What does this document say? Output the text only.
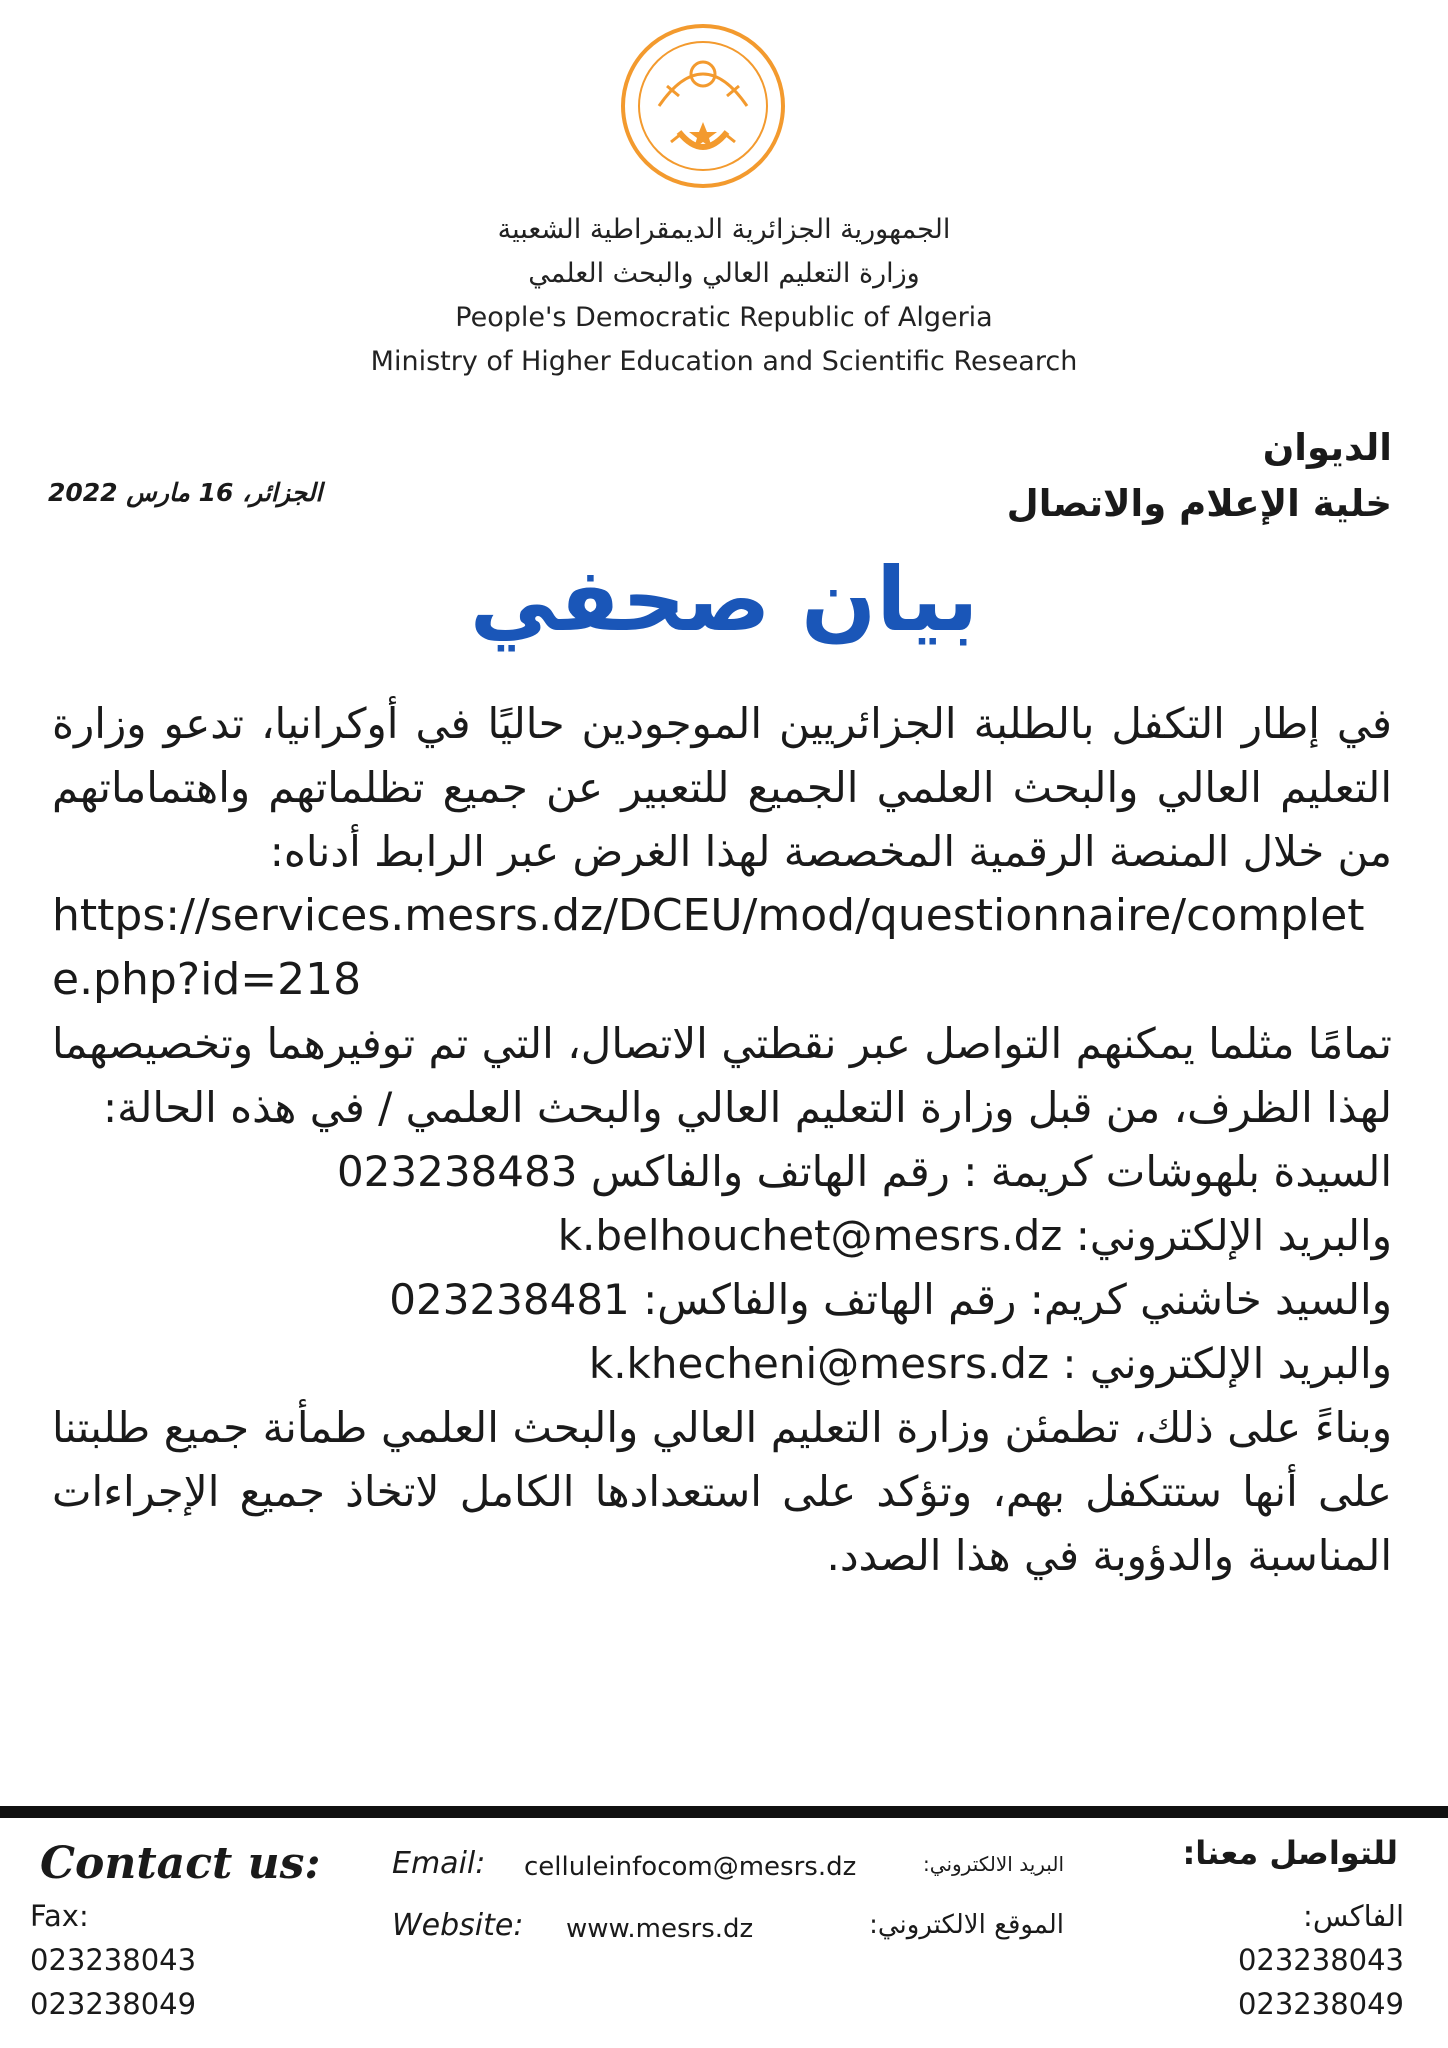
الجمهورية الجزائرية الديمقراطية الشعبية
وزارة التعليم العالي والبحث العلمي
People's Democratic Republic of Algeria
Ministry of Higher Education and Scientific Research
الديوان
خلية الإعلام والاتصال
الجزائر، 16 مارس 2022
بيان صحفي

في إطار التكفل بالطلبة الجزائريين الموجودين حاليًا في أوكرانيا، تدعو وزارة التعليم العالي والبحث العلمي الجميع للتعبير عن جميع تظلماتهم واهتماماتهم من خلال المنصة الرقمية المخصصة لهذا الغرض عبر الرابط أدناه:

https://services.mesrs.dz/DCEU/mod/questionnaire/complete.php?id=218

تمامًا مثلما يمكنهم التواصل عبر نقطتي الاتصال، التي تم توفيرهما وتخصيصهما لهذا الظرف، من قبل وزارة التعليم العالي والبحث العلمي / في هذه الحالة:

السيدة بلهوشات كريمة : رقم الهاتف والفاكس 023238483

والبريد الإلكتروني: k.belhouchet@mesrs.dz

والسيد خاشني كريم: رقم الهاتف والفاكس: 023238481

والبريد الإلكتروني : k.khecheni@mesrs.dz

وبناءً على ذلك، تطمئن وزارة التعليم العالي والبحث العلمي طمأنة جميع طلبتنا على أنها ستتكفل بهم، وتؤكد على استعدادها الكامل لاتخاذ جميع الإجراءات المناسبة والدؤوبة في هذا الصدد.

Contact us:
Fax:
023238043
023238049
Email: celluleinfocom@mesrs.dz	البريد الالكتروني:
Website: www.mesrs.dz	الموقع الالكتروني:
للتواصل معنا:
الفاكس:
023238043
023238049
